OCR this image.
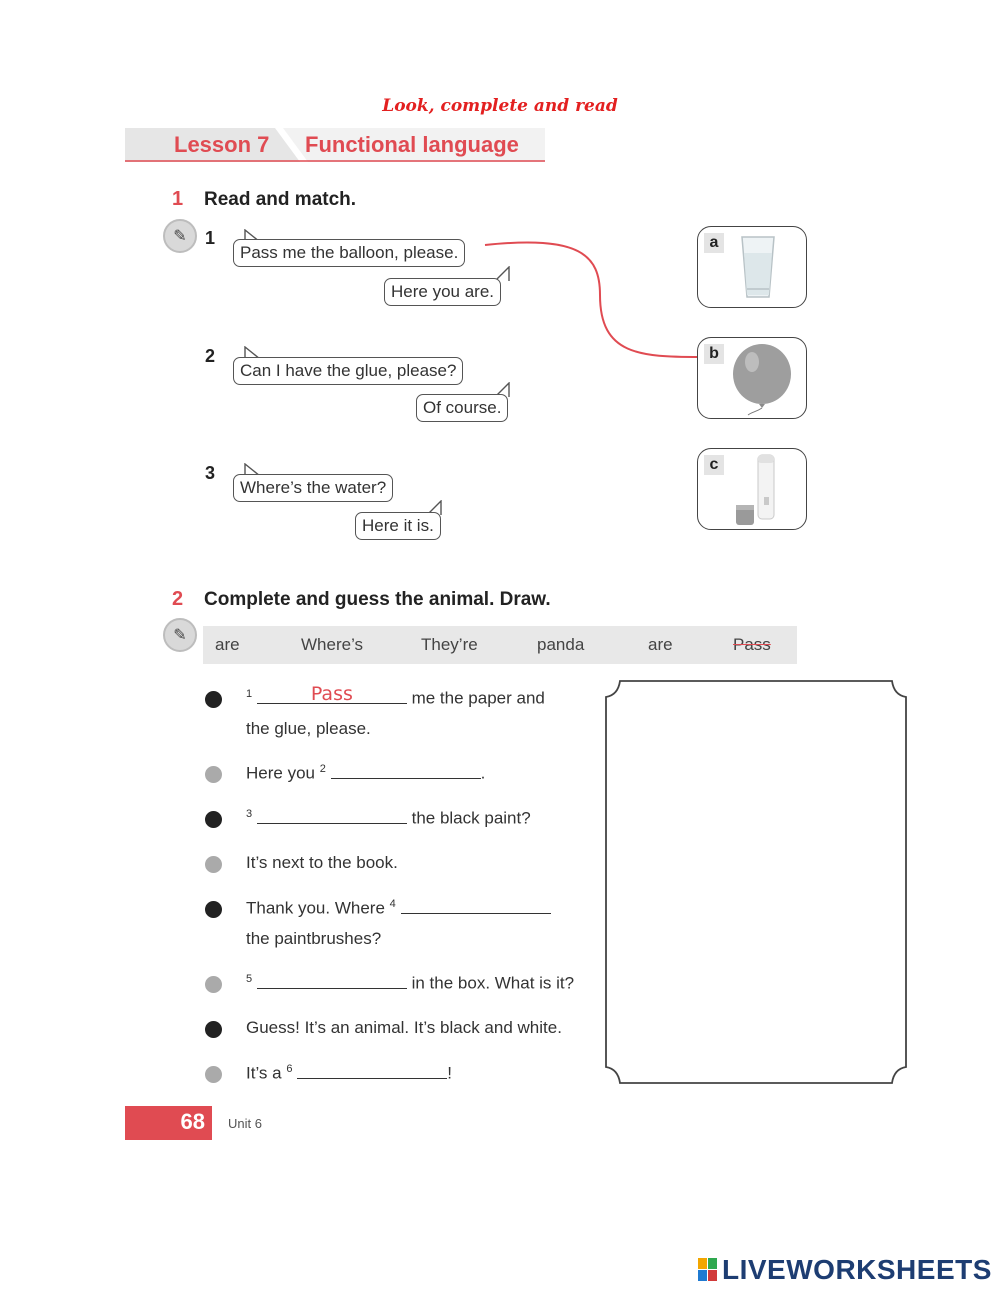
Look, complete and read
Lesson 7 Functional language
1 Read and match.
✎	1
Pass me the balloon, please.
Here you are.
2
Can I have the glue, please?
Of course.
3
Where’s the water?
Here it is.
a
b
c
2 Complete and guess the animal. Draw.
✎	are	Where’s	They’re	panda	are	Pass
$^1$	Pass	me the paper and
the glue, please.
Here you $^2$	.
$^3$	the black paint?
It’s next to the book.
Thank you. Where $^4$
the paintbrushes?
$^5$	in the box. What is it?
Guess! It’s an animal. It’s black and white.
It’s a $^6$	!
68 Unit 6
LIVEWORKSHEETS
